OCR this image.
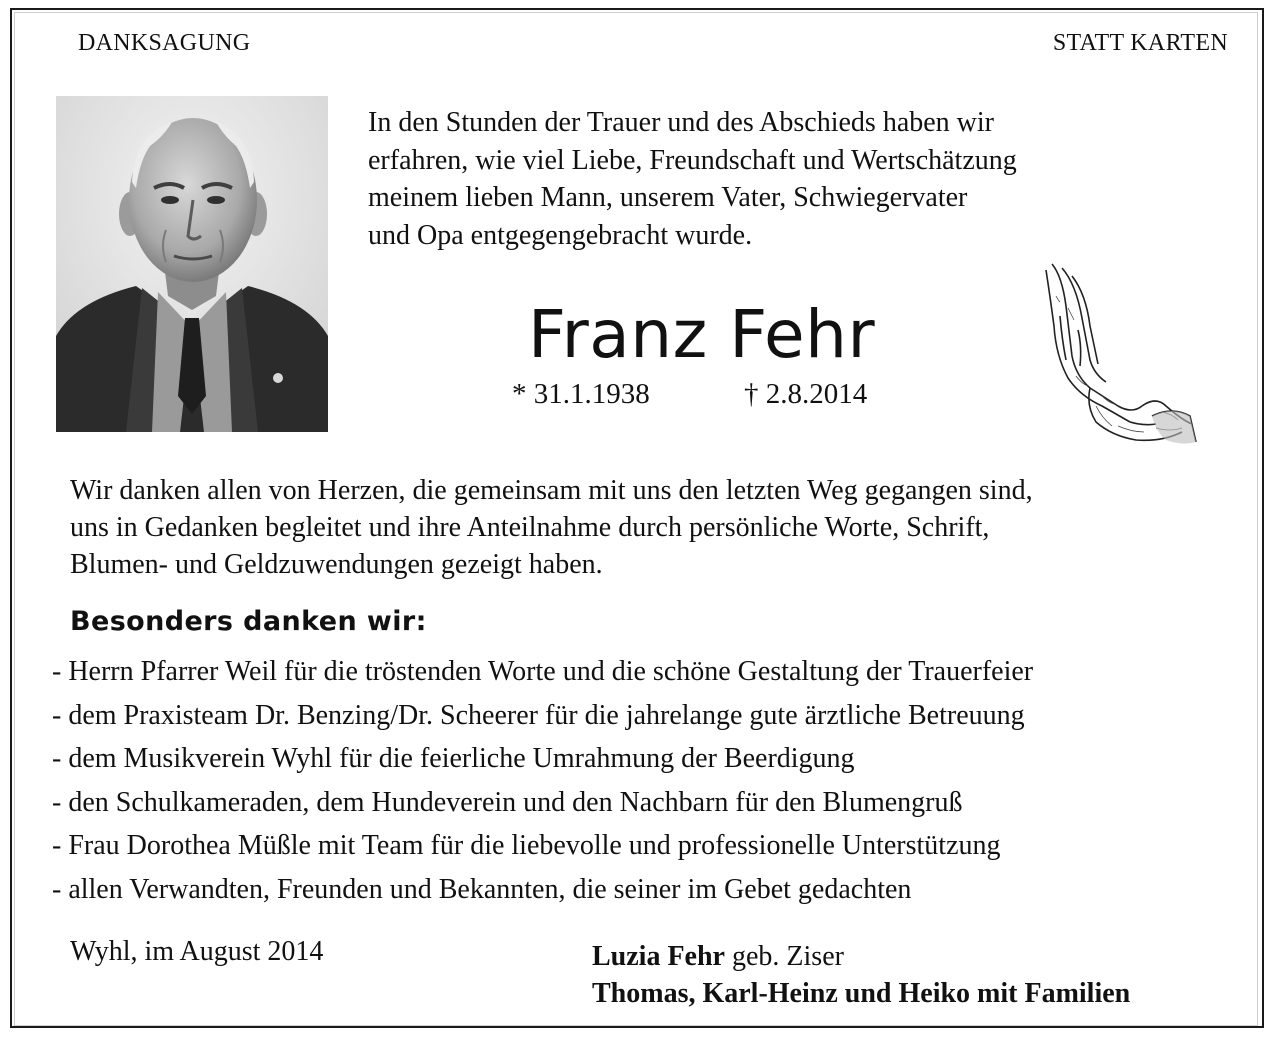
DANKSAGUNG	STATT KARTEN
In den Stunden der Trauer und des Abschieds haben wir
erfahren, wie viel Liebe, Freundschaft und Wertschätzung
meinem lieben Mann, unserem Vater, Schwiegervater
und Opa entgegengebracht wurde.
Franz Fehr
* 31.1.1938	† 2.8.2014
Wir danken allen von Herzen, die gemeinsam mit uns den letzten Weg gegangen sind,
uns in Gedanken begleitet und ihre Anteilnahme durch persönliche Worte, Schrift,
Blumen- und Geldzuwendungen gezeigt haben.
Besonders danken wir:
- Herrn Pfarrer Weil für die tröstenden Worte und die schöne Gestaltung der Trauerfeier
- dem Praxisteam Dr. Benzing/Dr. Scheerer für die jahrelange gute ärztliche Betreuung
- dem Musikverein Wyhl für die feierliche Umrahmung der Beerdigung
- den Schulkameraden, dem Hundeverein und den Nachbarn für den Blumengruß
- Frau Dorothea Müßle mit Team für die liebevolle und professionelle Unterstützung
- allen Verwandten, Freunden und Bekannten, die seiner im Gebet gedachten
Wyhl, im August 2014	Luzia Fehr geb. Ziser
Thomas, Karl-Heinz und Heiko mit Familien
